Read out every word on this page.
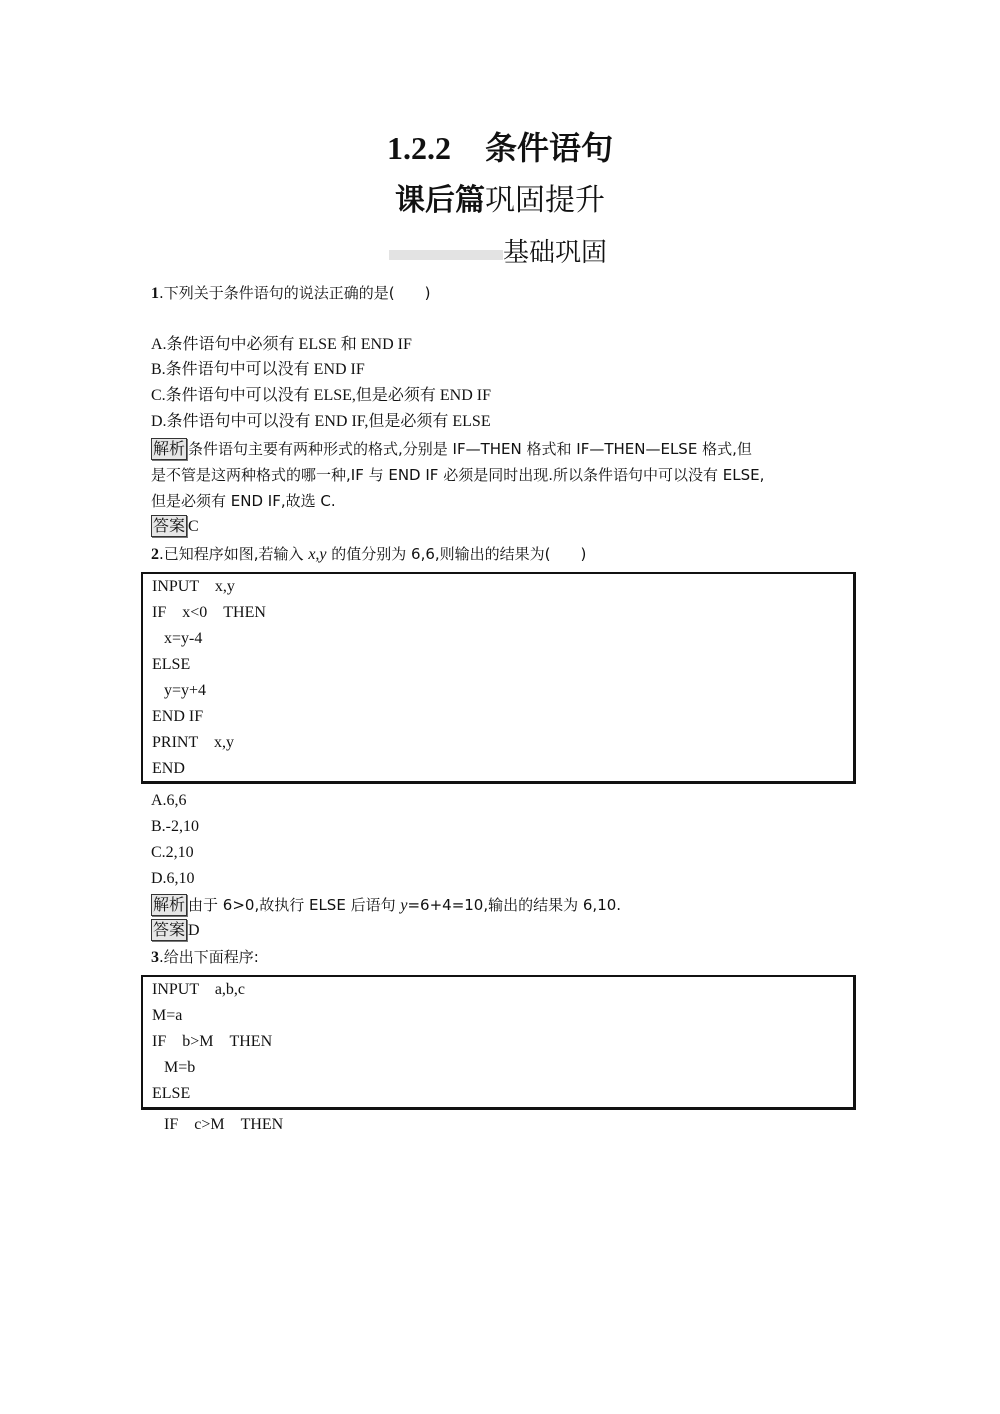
1.2.2 条件语句
课后篇巩固提升
基础巩固
1.下列关于条件语句的说法正确的是(　　)
A.条件语句中必须有 ELSE 和 END IF
B.条件语句中可以没有 END IF
C.条件语句中可以没有 ELSE,但是必须有 END IF
D.条件语句中可以没有 END IF,但是必须有 ELSE
解析 条件语句主要有两种形式的格式,分别是 IF—THEN 格式和 IF—THEN—ELSE 格式,但
是不管是这两种格式的哪一种,IF 与 END IF 必须是同时出现.所以条件语句中可以没有 ELSE,
但是必须有 END IF,故选 C.
答案 C
2.已知程序如图,若输入 x,y 的值分别为 6,6,则输出的结果为(　　)
INPUT　x,y
IF　x<0　THEN
x=y-4
ELSE
y=y+4
END IF
PRINT　x,y
END
A.6,6
B.-2,10
C.2,10
D.6,10
解析 由于 6>0,故执行 ELSE 后语句 y=6+4=10,输出的结果为 6,10.
答案 D
3.给出下面程序:
INPUT　a,b,c
M=a
IF　b>M　THEN
M=b
ELSE
IF　c>M　THEN
